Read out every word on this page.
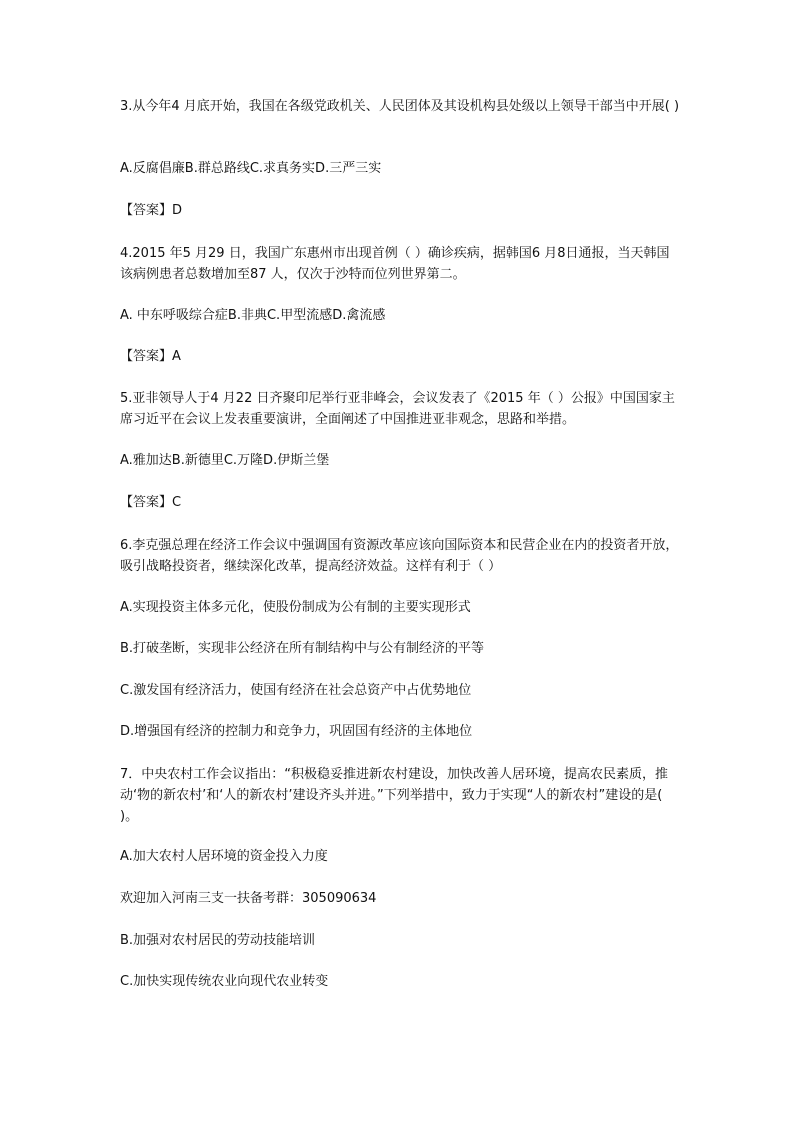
3.从今年4 月底开始，我国在各级党政机关、人民团体及其设机构县处级以上领导干部当中开展( )

A.反腐倡廉B.群总路线C.求真务实D.三严三实

【答案】D

4.2015 年5 月29 日，我国广东惠州市出现首例（ ）确诊疾病，据韩国6 月8日通报，当天韩国该病例患者总数增加至87 人，仅次于沙特而位列世界第二。

A. 中东呼吸综合症B.非典C.甲型流感D.禽流感

【答案】A

5.亚非领导人于4 月22 日齐聚印尼举行亚非峰会，会议发表了《2015 年（ ）公报》中国国家主席习近平在会议上发表重要演讲，全面阐述了中国推进亚非观念，思路和举措。

A.雅加达B.新德里C.万隆D.伊斯兰堡

【答案】C

6.李克强总理在经济工作会议中强调国有资源改革应该向国际资本和民营企业在内的投资者开放，吸引战略投资者，继续深化改革，提高经济效益。这样有利于（ ）

A.实现投资主体多元化，使股份制成为公有制的主要实现形式

B.打破垄断，实现非公经济在所有制结构中与公有制经济的平等

C.激发国有经济活力，使国有经济在社会总资产中占优势地位

D.增强国有经济的控制力和竞争力，巩固国有经济的主体地位

7．中央农村工作会议指出：“积极稳妥推进新农村建设，加快改善人居环境，提高农民素质，推动‘物的新农村’和‘人的新农村’建设齐头并进。”下列举措中，致力于实现“人的新农村”建设的是( )。

A.加大农村人居环境的资金投入力度

欢迎加入河南三支一扶备考群：305090634

B.加强对农村居民的劳动技能培训

C.加快实现传统农业向现代农业转变
